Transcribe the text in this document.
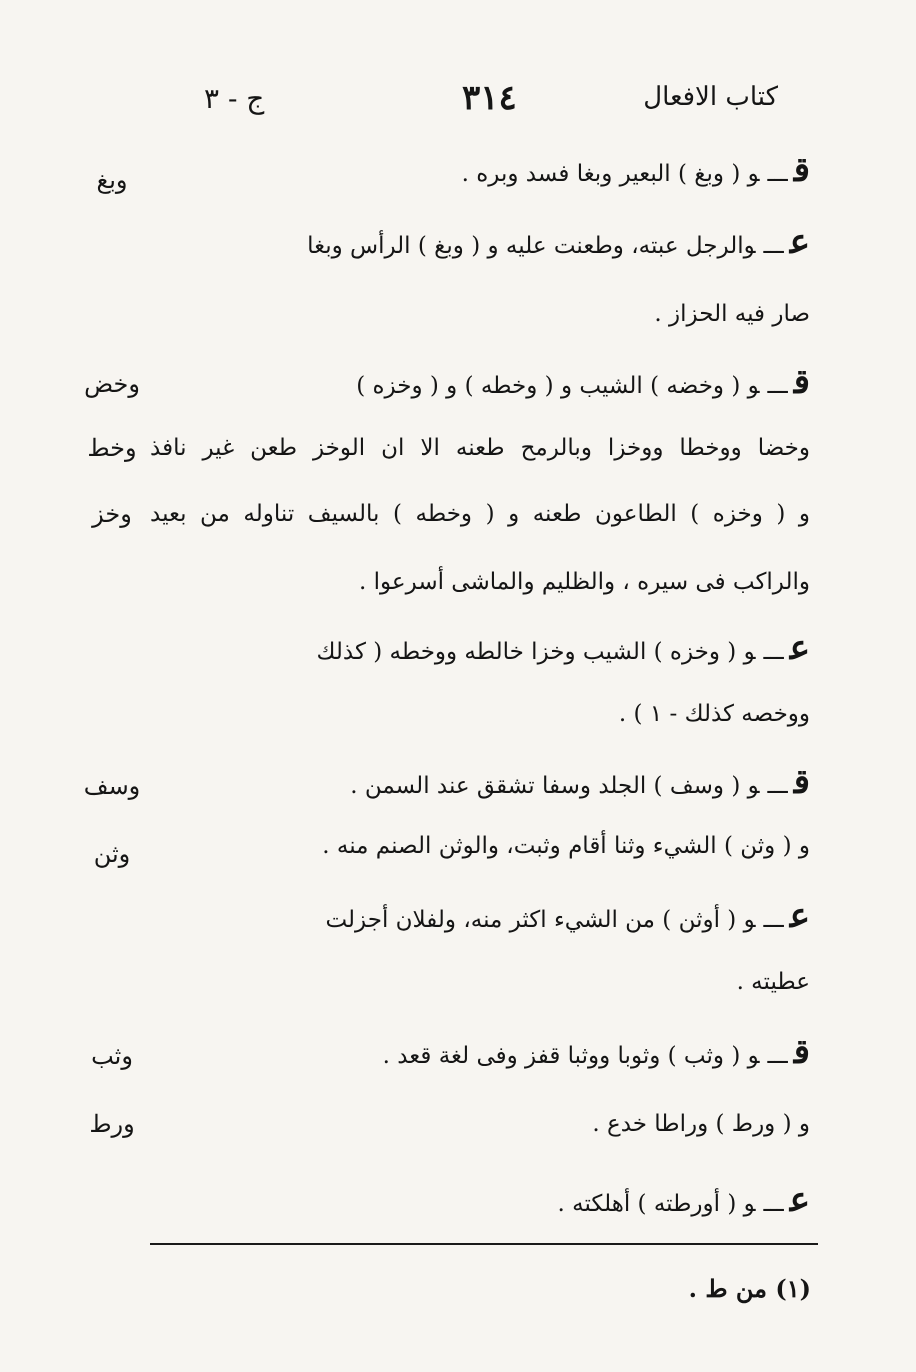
كتاب الافعال
٣١٤
ج - ٣
قـــو ( وبغ ) البعير وبغا فسد وبره .
عـــوالرجل عبته، وطعنت عليه و ( وبغ ) الرأس وبغا
صار فيه الحزاز .
قـــو ( وخضه ) الشيب و ( وخطه ) و ( وخزه )
وخضا ووخطا ووخزا وبالرمح طعنه الا ان الوخز طعن غير نافذ
و ( وخزه ) الطاعون طعنه و ( وخطه ) بالسيف تناوله من بعيد
والراكب فى سيره ، والظليم والماشى أسرعوا .
عـــو ( وخزه ) الشيب وخزا خالطه ووخطه ( كذلك
ووخصه كذلك - ١ ) .
قـــو ( وسف ) الجلد وسفا تشقق عند السمن .
و ( وثن ) الشيء وثنا أقام وثبت، والوثن الصنم منه .
عـــو ( أوثن ) من الشيء اكثر منه، ولفلان أجزلت
عطيته .
قـــو ( وثب ) وثوبا ووثبا قفز وفى لغة قعد .
و ( ورط ) وراطا خدع .
عـــو ( أورطته ) أهلكته .
وبغ
وخض
وخط
وخز
وسف
وثن
وثب
ورط
(١) من ط .
